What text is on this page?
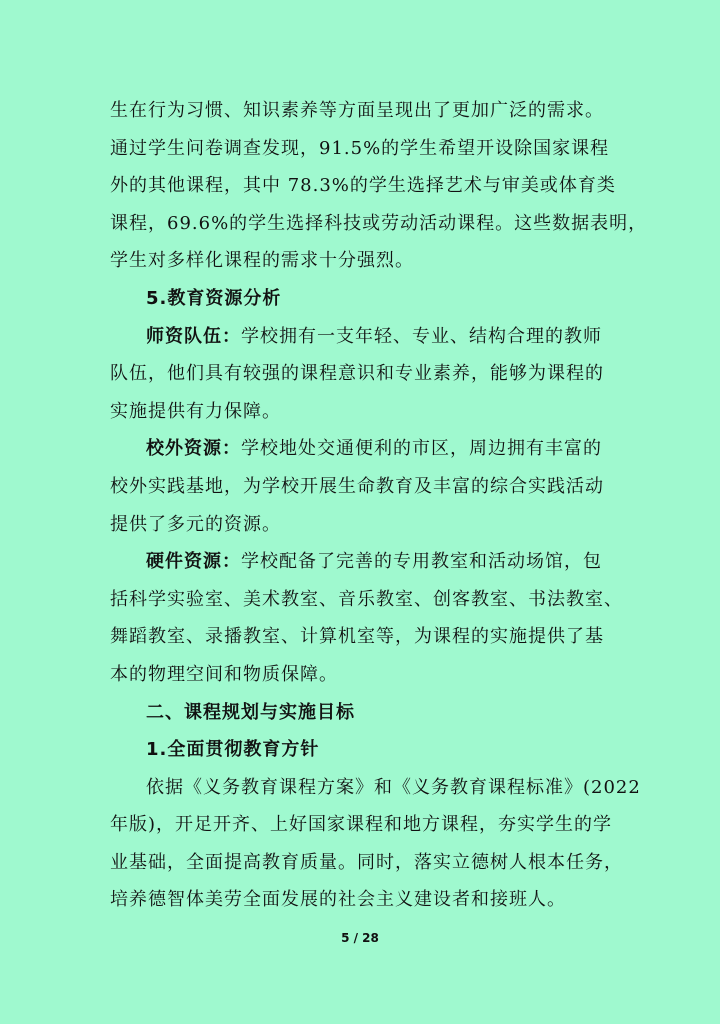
生在行为习惯、知识素养等方面呈现出了更加广泛的需求。
通过学生问卷调查发现，91.5%的学生希望开设除国家课程
外的其他课程，其中 78.3%的学生选择艺术与审美或体育类
课程，69.6%的学生选择科技或劳动活动课程。这些数据表明，
学生对多样化课程的需求十分强烈。
5.教育资源分析
师资队伍：学校拥有一支年轻、专业、结构合理的教师
队伍，他们具有较强的课程意识和专业素养，能够为课程的
实施提供有力保障。
校外资源：学校地处交通便利的市区，周边拥有丰富的
校外实践基地，为学校开展生命教育及丰富的综合实践活动
提供了多元的资源。
硬件资源：学校配备了完善的专用教室和活动场馆，包
括科学实验室、美术教室、音乐教室、创客教室、书法教室、
舞蹈教室、录播教室、计算机室等，为课程的实施提供了基
本的物理空间和物质保障。
二、课程规划与实施目标
1.全面贯彻教育方针
依据《义务教育课程方案》和《义务教育课程标准》(2022
年版)，开足开齐、上好国家课程和地方课程，夯实学生的学
业基础，全面提高教育质量。同时，落实立德树人根本任务，
培养德智体美劳全面发展的社会主义建设者和接班人。
5 / 28
